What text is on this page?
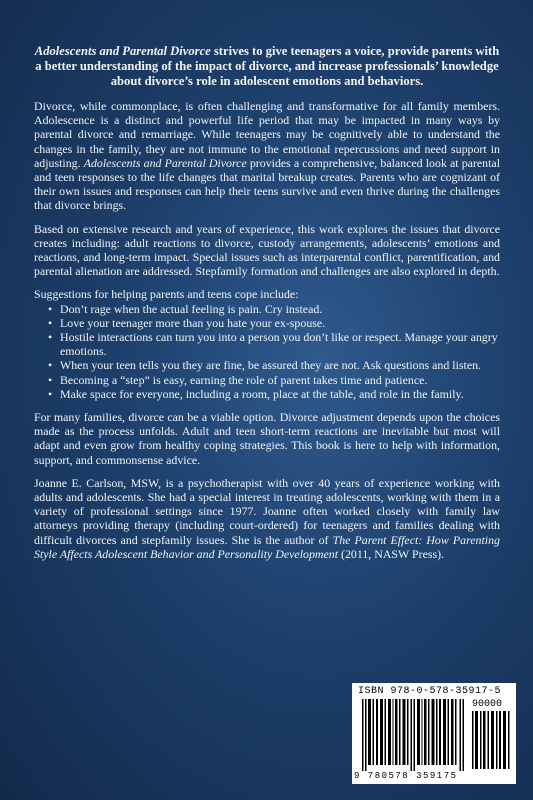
Adolescents and Parental Divorce strives to give teenagers a voice, provide parents with a better understanding of the impact of divorce, and increase professionals’ knowledge about divorce’s role in adolescent emotions and behaviors.

Divorce, while commonplace, is often challenging and transformative for all family members. Adolescence is a distinct and powerful life period that may be impacted in many ways by parental divorce and remarriage. While teenagers may be cognitively able to understand the changes in the family, they are not immune to the emotional repercussions and need support in adjusting. Adolescents and Parental Divorce provides a comprehensive, balanced look at parental and teen responses to the life changes that marital breakup creates. Parents who are cognizant of their own issues and responses can help their teens survive and even thrive during the challenges that divorce brings.

Based on extensive research and years of experience, this work explores the issues that divorce creates including: adult reactions to divorce, custody arrangements, adolescents’ emotions and reactions, and long-term impact. Special issues such as interparental conflict, parentification, and parental alienation are addressed. Stepfamily formation and challenges are also explored in depth.

Suggestions for helping parents and teens cope include:

• Don’t rage when the actual feeling is pain. Cry instead.
• Love your teenager more than you hate your ex-spouse.
• Hostile interactions can turn you into a person you don’t like or respect. Manage your angry emotions.
• When your teen tells you they are fine, be assured they are not. Ask questions and listen.
• Becoming a “step” is easy, earning the role of parent takes time and patience.
• Make space for everyone, including a room, place at the table, and role in the family.

For many families, divorce can be a viable option. Divorce adjustment depends upon the choices made as the process unfolds. Adult and teen short-term reactions are inevitable but most will adapt and even grow from healthy coping strategies. This book is here to help with information, support, and commonsense advice.

Joanne E. Carlson, MSW, is a psychotherapist with over 40 years of experience working with adults and adolescents. She had a special interest in treating adolescents, working with them in a variety of professional settings since 1977. Joanne often worked closely with family law attorneys providing therapy (including court-ordered) for teenagers and families dealing with difficult divorces and stepfamily issues. She is the author of The Parent Effect: How Parenting Style Affects Adolescent Behavior and Personality Development (2011, NASW Press).

ISBN 978-0-578-35917-5
90000
9 780578 359175
